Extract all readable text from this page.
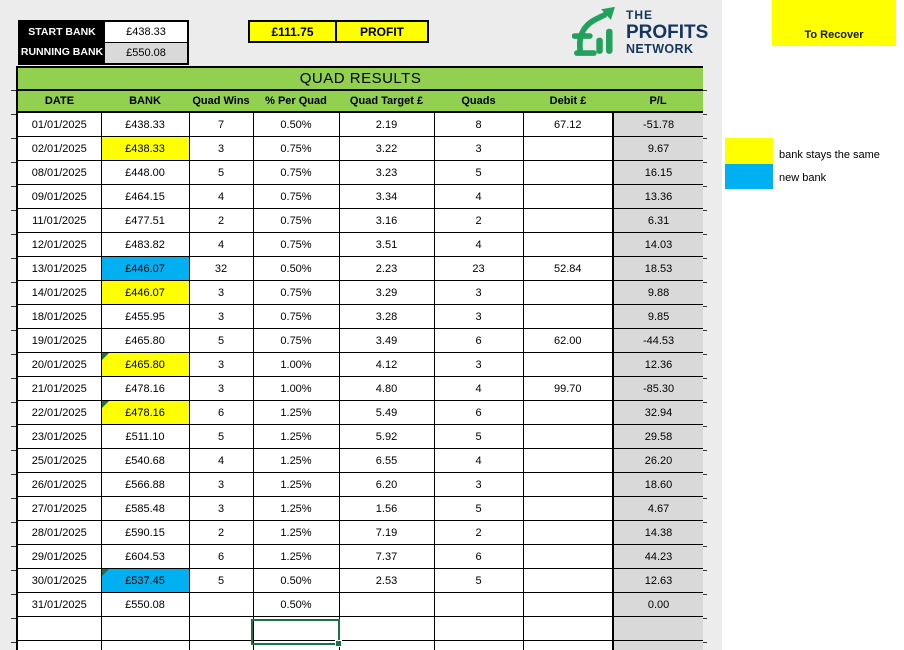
START BANK	£438.33
RUNNING BANK	£550.08
£111.75	PROFIT
THE
PROFITS
NETWORK
To Recover
QUAD RESULTS							
DATE	BANK	Quad Wins	% Per Quad	Quad Target £	Quads	Debit £	P/L
01/01/2025	£438.33	7	0.50%	2.19	8	67.12	-51.78
02/01/2025	£438.33	3	0.75%	3.22	3		9.67
08/01/2025	£448.00	5	0.75%	3.23	5		16.15
09/01/2025	£464.15	4	0.75%	3.34	4		13.36
11/01/2025	£477.51	2	0.75%	3.16	2		6.31
12/01/2025	£483.82	4	0.75%	3.51	4		14.03
13/01/2025	£446.07	32	0.50%	2.23	23	52.84	18.53
14/01/2025	£446.07	3	0.75%	3.29	3		9.88
18/01/2025	£455.95	3	0.75%	3.28	3		9.85
19/01/2025	£465.80	5	0.75%	3.49	6	62.00	-44.53
20/01/2025	£465.80	3	1.00%	4.12	3		12.36
21/01/2025	£478.16	3	1.00%	4.80	4	99.70	-85.30
22/01/2025	£478.16	6	1.25%	5.49	6		32.94
23/01/2025	£511.10	5	1.25%	5.92	5		29.58
25/01/2025	£540.68	4	1.25%	6.55	4		26.20
26/01/2025	£566.88	3	1.25%	6.20	3		18.60
27/01/2025	£585.48	3	1.25%	1.56	5		4.67
28/01/2025	£590.15	2	1.25%	7.19	2		14.38
29/01/2025	£604.53	6	1.25%	7.37	6		44.23
30/01/2025	£537.45	5	0.50%	2.53	5		12.63
31/01/2025	£550.08		0.50%				0.00

bank stays the same
new bank
